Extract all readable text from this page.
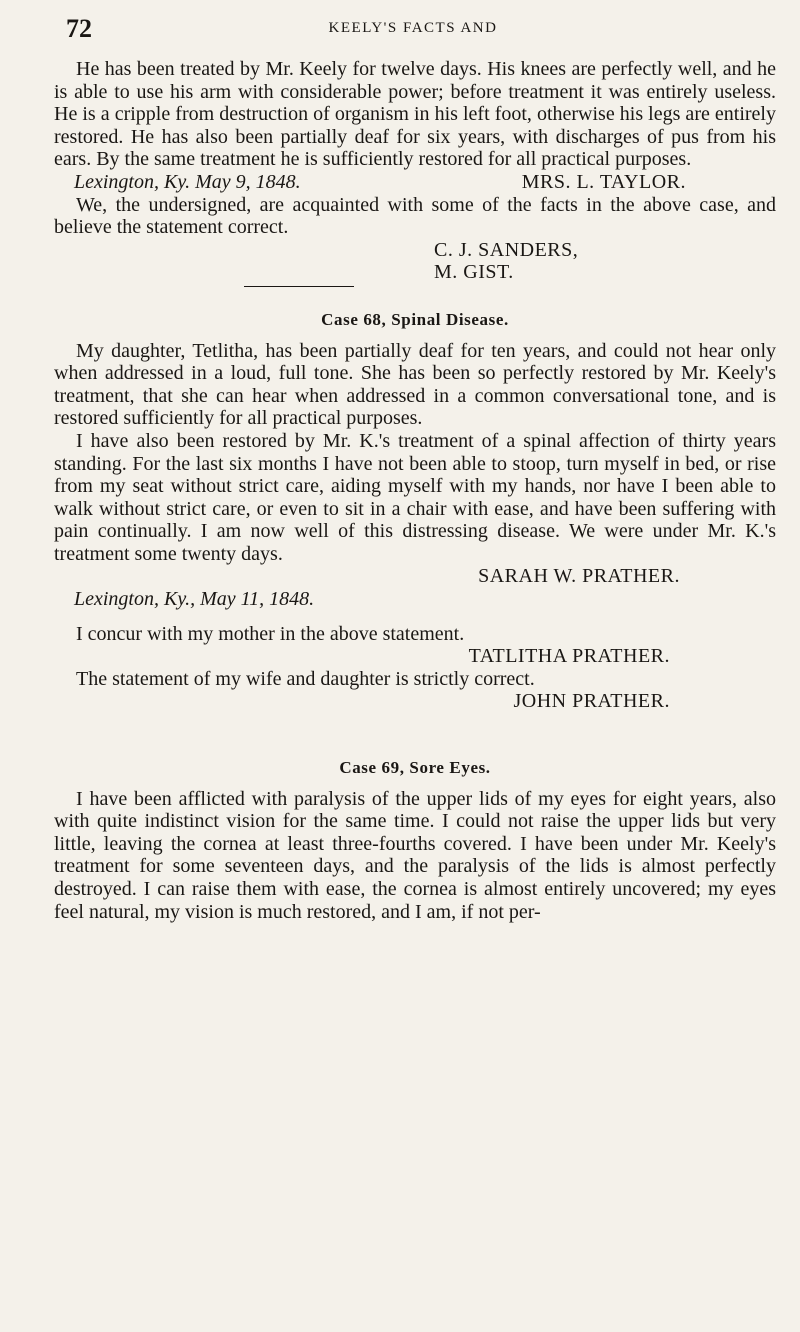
72	KEELY'S FACTS AND

He has been treated by Mr. Keely for twelve days. His knees are perfectly well, and he is able to use his arm with considerable power; before treatment it was entirely useless. He is a cripple from destruction of organism in his left foot, otherwise his legs are entirely restored. He has also been partially deaf for six years, with discharges of pus from his ears. By the same treatment he is sufficiently restored for all practical purposes.

Lexington, Ky. May 9, 1848.	MRS. L. TAYLOR.

We, the undersigned, are acquainted with some of the facts in the above case, and believe the statement correct.

C. J. SANDERS,
M. GIST.
Case 68, Spinal Disease.

My daughter, Tetlitha, has been partially deaf for ten years, and could not hear only when addressed in a loud, full tone. She has been so perfectly restored by Mr. Keely's treatment, that she can hear when addressed in a common conversational tone, and is restored sufficiently for all practical purposes.

I have also been restored by Mr. K.'s treatment of a spinal affection of thirty years standing. For the last six months I have not been able to stoop, turn myself in bed, or rise from my seat without strict care, aiding myself with my hands, nor have I been able to walk without strict care, or even to sit in a chair with ease, and have been suffering with pain continually. I am now well of this distressing disease. We were under Mr. K.'s treatment some twenty days.

SARAH W. PRATHER.
Lexington, Ky., May 11, 1848.

I concur with my mother in the above statement.

TATLITHA PRATHER.

The statement of my wife and daughter is strictly correct.

JOHN PRATHER.
Case 69, Sore Eyes.

I have been afflicted with paralysis of the upper lids of my eyes for eight years, also with quite indistinct vision for the same time. I could not raise the upper lids but very little, leaving the cornea at least three-fourths covered. I have been under Mr. Keely's treatment for some seventeen days, and the paralysis of the lids is almost perfectly destroyed. I can raise them with ease, the cornea is almost entirely uncovered; my eyes feel natural, my vision is much restored, and I am, if not per-
